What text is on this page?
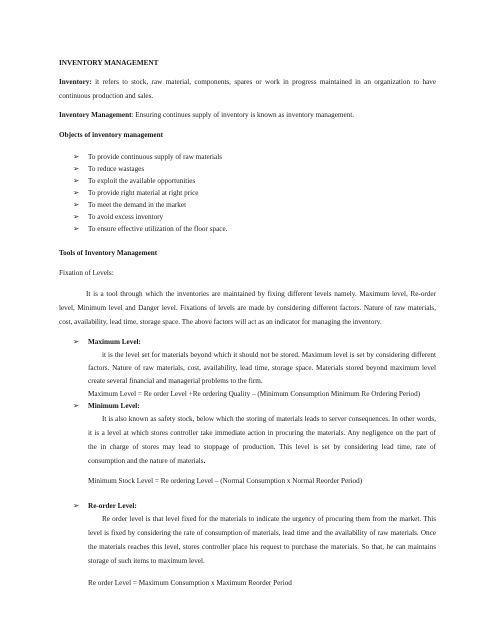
INVENTORY MANAGEMENT
Inventory: it refers to stock, raw material, components, spares or work in progress maintained in an organization to have
continuous production and sales.
Inventory Management: Ensuring continues supply of inventory is known as inventory management.
Objects of inventory management
➢ To provide continuous supply of raw materials
➢ To reduce wastages
➢ To exploit the available opportunities
➢ To provide right material at right price
➢ To meet the demand in the market
➢ To avoid excess inventory
➢ To ensure effective utilization of the floor space.
Tools of Inventory Management
Fixation of Levels:
It is a tool through which the inventories are maintained by fixing different levels namely. Maximum level, Re-order
level, Minimum level and Danger level. Fixations of levels are made by considering different factors. Nature of raw materials,
cost, availability, lead time, storage space. The above factors will act as an indicator for managing the inventory.
➢ Maximum Level:
it is the level set for materials beyond which it should not be stored. Maximum level is set by considering different
factors. Nature of raw materials, cost, availability, lead time, storage space. Materials stored beyond maximum level
create several financial and managerial problems to the firm.
Maximum Level = Re order Level +Re ordering Quality – (Minimum Consumption Minimum Re Ordering Period)
➢ Minimum Level:
It is also known as safety stock, below which the storing of materials leads to server consequences. In other words,
it is a level at which stores controller take immediate action in procuring the materials. Any negligence on the part of
the in charge of stores may lead to stoppage of production. This level is set by considering lead time, rate of
consumption and the nature of materials.
Minimum Stock Level = Re ordering Level – (Normal Consumption x Normal Reorder Period)
➢ Re-order Level:
Re order level is that level fixed for the materials to indicate the urgency of procuring them from the market. This
level is fixed by considering the rate of consumption of materials, lead time and the availability of raw materials. Once
the materials reaches this level, stores controller place his request to purchase the materials. So that, he can maintains
storage of such items to maximum level.
Re order Level = Maximum Consumption x Maximum Reorder Period
